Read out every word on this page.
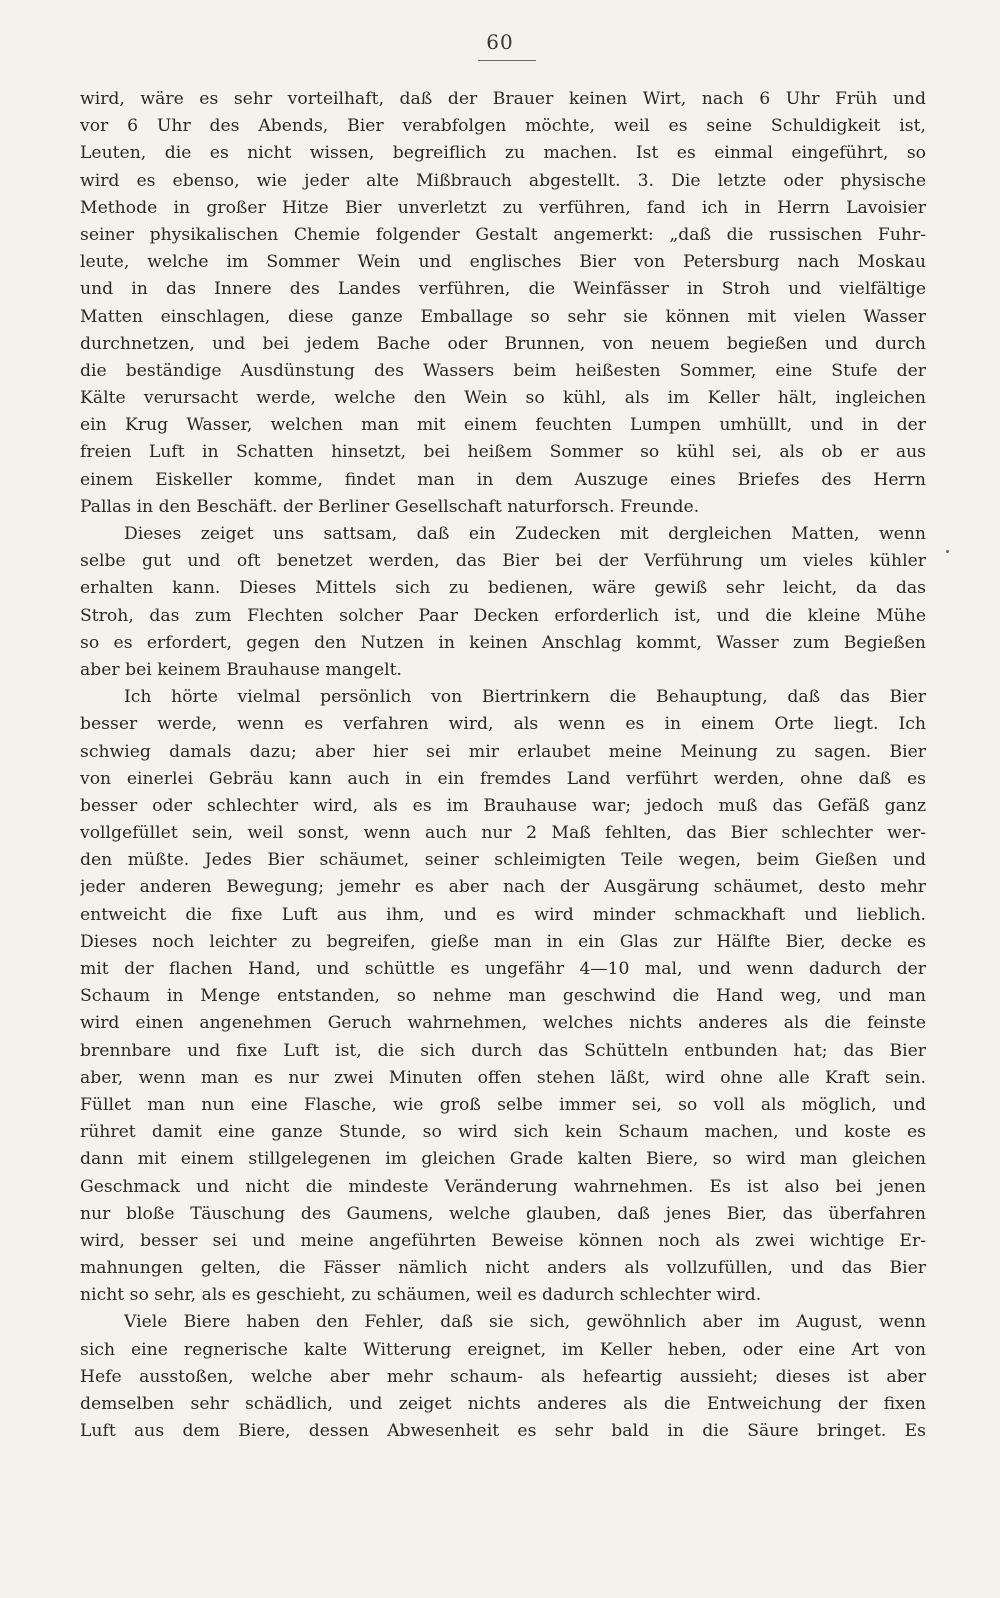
60

wird, wäre es sehr vorteilhaft, daß der Brauer keinen Wirt, nach 6 Uhr Früh und
vor 6 Uhr des Abends, Bier verabfolgen möchte, weil es seine Schuldigkeit ist,
Leuten, die es nicht wissen, begreiflich zu machen. Ist es einmal eingeführt, so
wird es ebenso, wie jeder alte Mißbrauch abgestellt. 3. Die letzte oder physische
Methode in großer Hitze Bier unverletzt zu verführen, fand ich in Herrn Lavoisier
seiner physikalischen Chemie folgender Gestalt angemerkt: „daß die russischen Fuhr-
leute, welche im Sommer Wein und englisches Bier von Petersburg nach Moskau
und in das Innere des Landes verführen, die Weinfässer in Stroh und vielfältige
Matten einschlagen, diese ganze Emballage so sehr sie können mit vielen Wasser
durchnetzen, und bei jedem Bache oder Brunnen, von neuem begießen und durch
die beständige Ausdünstung des Wassers beim heißesten Sommer, eine Stufe der
Kälte verursacht werde, welche den Wein so kühl, als im Keller hält, ingleichen
ein Krug Wasser, welchen man mit einem feuchten Lumpen umhüllt, und in der
freien Luft in Schatten hinsetzt, bei heißem Sommer so kühl sei, als ob er aus
einem Eiskeller komme, findet man in dem Auszuge eines Briefes des Herrn
Pallas in den Beschäft. der Berliner Gesellschaft naturforsch. Freunde.

Dieses zeiget uns sattsam, daß ein Zudecken mit dergleichen Matten, wenn
selbe gut und oft benetzet werden, das Bier bei der Verführung um vieles kühler
erhalten kann. Dieses Mittels sich zu bedienen, wäre gewiß sehr leicht, da das
Stroh, das zum Flechten solcher Paar Decken erforderlich ist, und die kleine Mühe
so es erfordert, gegen den Nutzen in keinen Anschlag kommt, Wasser zum Begießen
aber bei keinem Brauhause mangelt.

Ich hörte vielmal persönlich von Biertrinkern die Behauptung, daß das Bier
besser werde, wenn es verfahren wird, als wenn es in einem Orte liegt. Ich
schwieg damals dazu; aber hier sei mir erlaubet meine Meinung zu sagen. Bier
von einerlei Gebräu kann auch in ein fremdes Land verführt werden, ohne daß es
besser oder schlechter wird, als es im Brauhause war; jedoch muß das Gefäß ganz
vollgefüllet sein, weil sonst, wenn auch nur 2 Maß fehlten, das Bier schlechter wer-
den müßte. Jedes Bier schäumet, seiner schleimigten Teile wegen, beim Gießen und
jeder anderen Bewegung; jemehr es aber nach der Ausgärung schäumet, desto mehr
entweicht die fixe Luft aus ihm, und es wird minder schmackhaft und lieblich.
Dieses noch leichter zu begreifen, gieße man in ein Glas zur Hälfte Bier, decke es
mit der flachen Hand, und schüttle es ungefähr 4—10 mal, und wenn dadurch der
Schaum in Menge entstanden, so nehme man geschwind die Hand weg, und man
wird einen angenehmen Geruch wahrnehmen, welches nichts anderes als die feinste
brennbare und fixe Luft ist, die sich durch das Schütteln entbunden hat; das Bier
aber, wenn man es nur zwei Minuten offen stehen läßt, wird ohne alle Kraft sein.
Füllet man nun eine Flasche, wie groß selbe immer sei, so voll als möglich, und
rühret damit eine ganze Stunde, so wird sich kein Schaum machen, und koste es
dann mit einem stillgelegenen im gleichen Grade kalten Biere, so wird man gleichen
Geschmack und nicht die mindeste Veränderung wahrnehmen. Es ist also bei jenen
nur bloße Täuschung des Gaumens, welche glauben, daß jenes Bier, das überfahren
wird, besser sei und meine angeführten Beweise können noch als zwei wichtige Er-
mahnungen gelten, die Fässer nämlich nicht anders als vollzufüllen, und das Bier
nicht so sehr, als es geschieht, zu schäumen, weil es dadurch schlechter wird.

Viele Biere haben den Fehler, daß sie sich, gewöhnlich aber im August, wenn
sich eine regnerische kalte Witterung ereignet, im Keller heben, oder eine Art von
Hefe ausstoßen, welche aber mehr schaum- als hefeartig aussieht; dieses ist aber
demselben sehr schädlich, und zeiget nichts anderes als die Entweichung der fixen
Luft aus dem Biere, dessen Abwesenheit es sehr bald in die Säure bringet. Es
